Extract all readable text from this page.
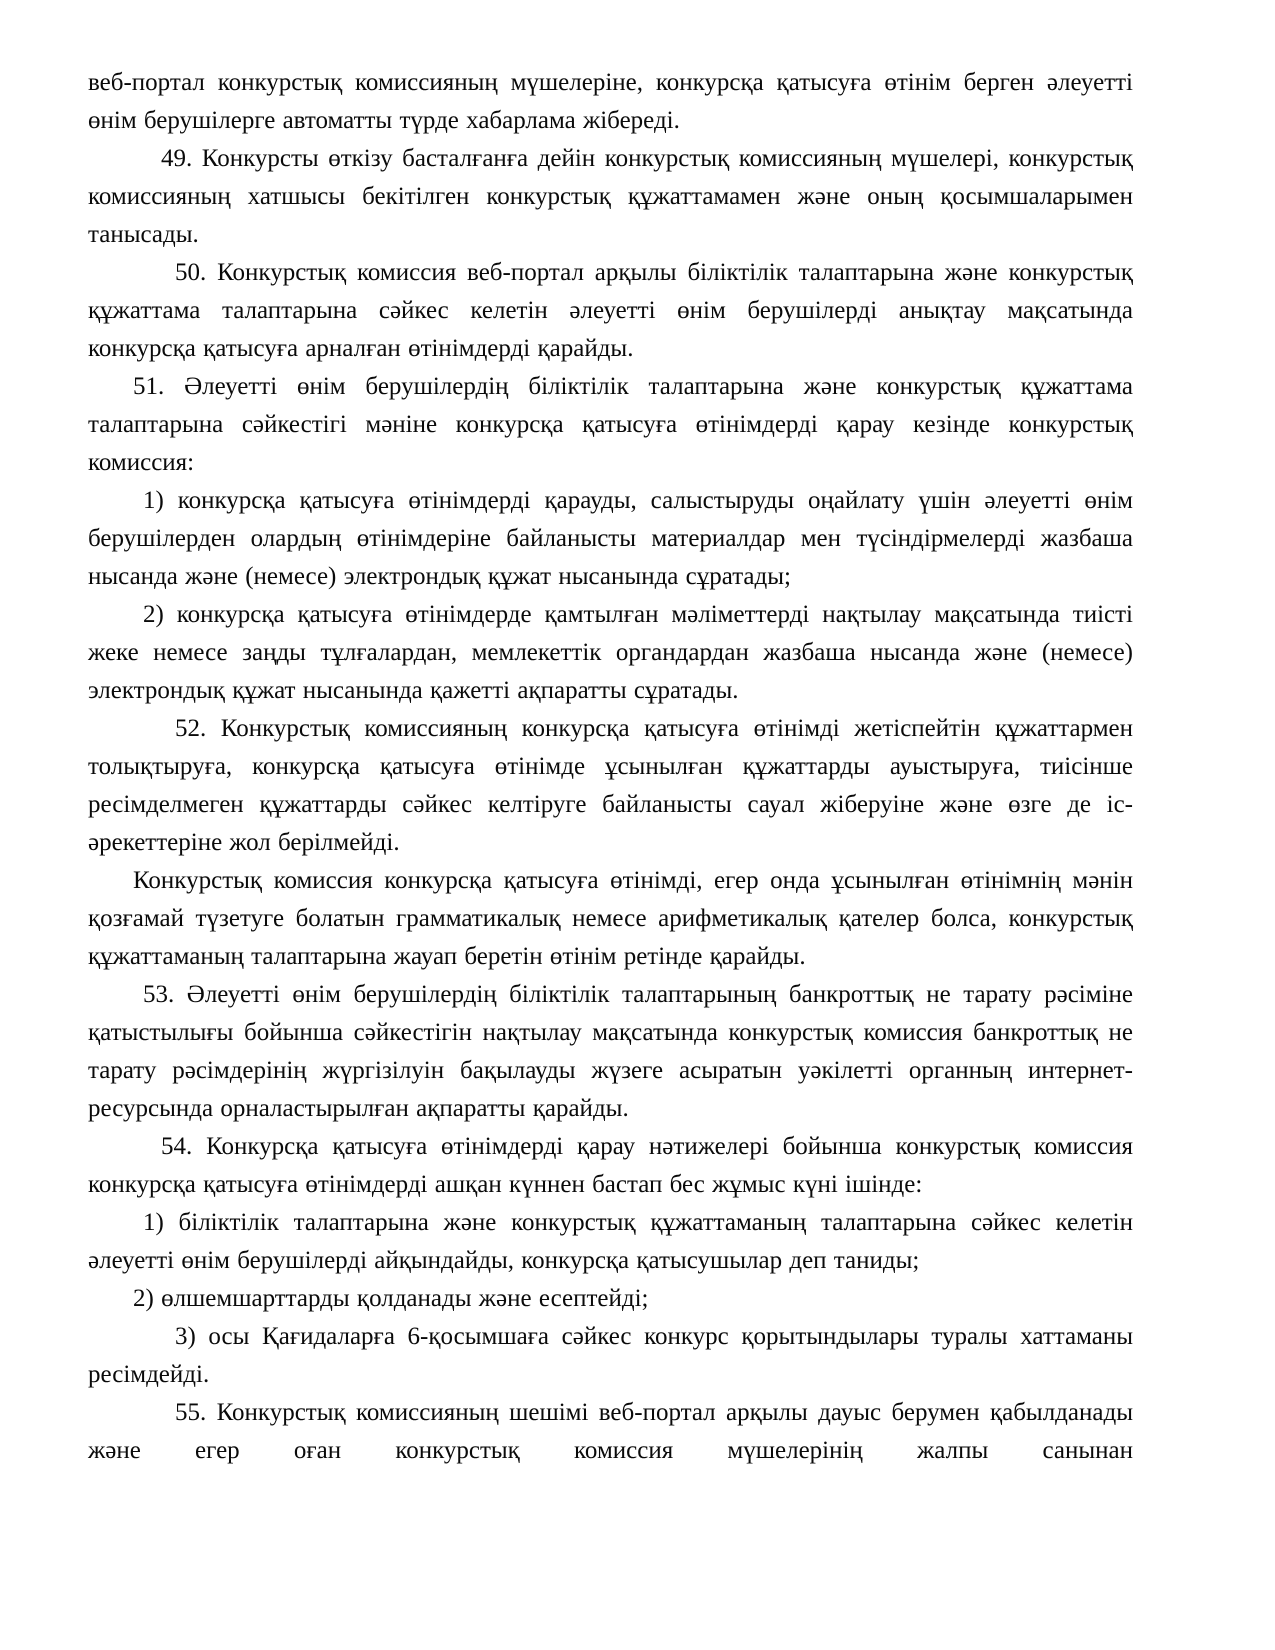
веб-портал конкурстық комиссияның мүшелеріне, конкурсқа қатысуға өтінім берген әлеуетті өнім берушілерге автоматты түрде хабарлама жібереді.

49. Конкурсты өткізу басталғанға дейін конкурстық комиссияның мүшелері, конкурстық комиссияның хатшысы бекітілген конкурстық құжаттамамен және оның қосымшаларымен танысады.

50. Конкурстық комиссия веб-портал арқылы біліктілік талаптарына және конкурстық құжаттама талаптарына сәйкес келетін әлеуетті өнім берушілерді анықтау мақсатында конкурсқа қатысуға арналған өтінімдерді қарайды.

51. Әлеуетті өнім берушілердің біліктілік талаптарына және конкурстық құжаттама талаптарына сәйкестігі мәніне конкурсқа қатысуға өтінімдерді қарау кезінде конкурстық комиссия:

1) конкурсқа қатысуға өтінімдерді қарауды, салыстыруды оңайлату үшін әлеуетті өнім берушілерден олардың өтінімдеріне байланысты материалдар мен түсіндірмелерді жазбаша нысанда және (немесе) электрондық құжат нысанында сұратады;

2) конкурсқа қатысуға өтінімдерде қамтылған мәліметтерді нақтылау мақсатында тиісті жеке немесе заңды тұлғалардан, мемлекеттік органдардан жазбаша нысанда және (немесе) электрондық құжат нысанында қажетті ақпаратты сұратады.

52. Конкурстық комиссияның конкурсқа қатысуға өтінімді жетіспейтін құжаттармен толықтыруға, конкурсқа қатысуға өтінімде ұсынылған құжаттарды ауыстыруға, тиісінше ресімделмеген құжаттарды сәйкес келтіруге байланысты сауал жіберуіне және өзге де іс-әрекеттеріне жол берілмейді.

Конкурстық комиссия конкурсқа қатысуға өтінімді, егер онда ұсынылған өтінімнің мәнін қозғамай түзетуге болатын грамматикалық немесе арифметикалық қателер болса, конкурстық құжаттаманың талаптарына жауап беретін өтінім ретінде қарайды.

53. Әлеуетті өнім берушілердің біліктілік талаптарының банкроттық не тарату рәсіміне қатыстылығы бойынша сәйкестігін нақтылау мақсатында конкурстық комиссия банкроттық не тарату рәсімдерінің жүргізілуін бақылауды жүзеге асыратын уәкілетті органның интернет-ресурсында орналастырылған ақпаратты қарайды.

54. Конкурсқа қатысуға өтінімдерді қарау нәтижелері бойынша конкурстық комиссия конкурсқа қатысуға өтінімдерді ашқан күннен бастап бес жұмыс күні ішінде:

1) біліктілік талаптарына және конкурстық құжаттаманың талаптарына сәйкес келетін әлеуетті өнім берушілерді айқындайды, конкурсқа қатысушылар деп таниды;

2) өлшемшарттарды қолданады және есептейді;

3) осы Қағидаларға 6-қосымшаға сәйкес конкурс қорытындылары туралы хаттаманы ресімдейді.

55. Конкурстық комиссияның шешімі веб-портал арқылы дауыс берумен қабылданады және егер оған конкурстық комиссия мүшелерінің жалпы санынан
